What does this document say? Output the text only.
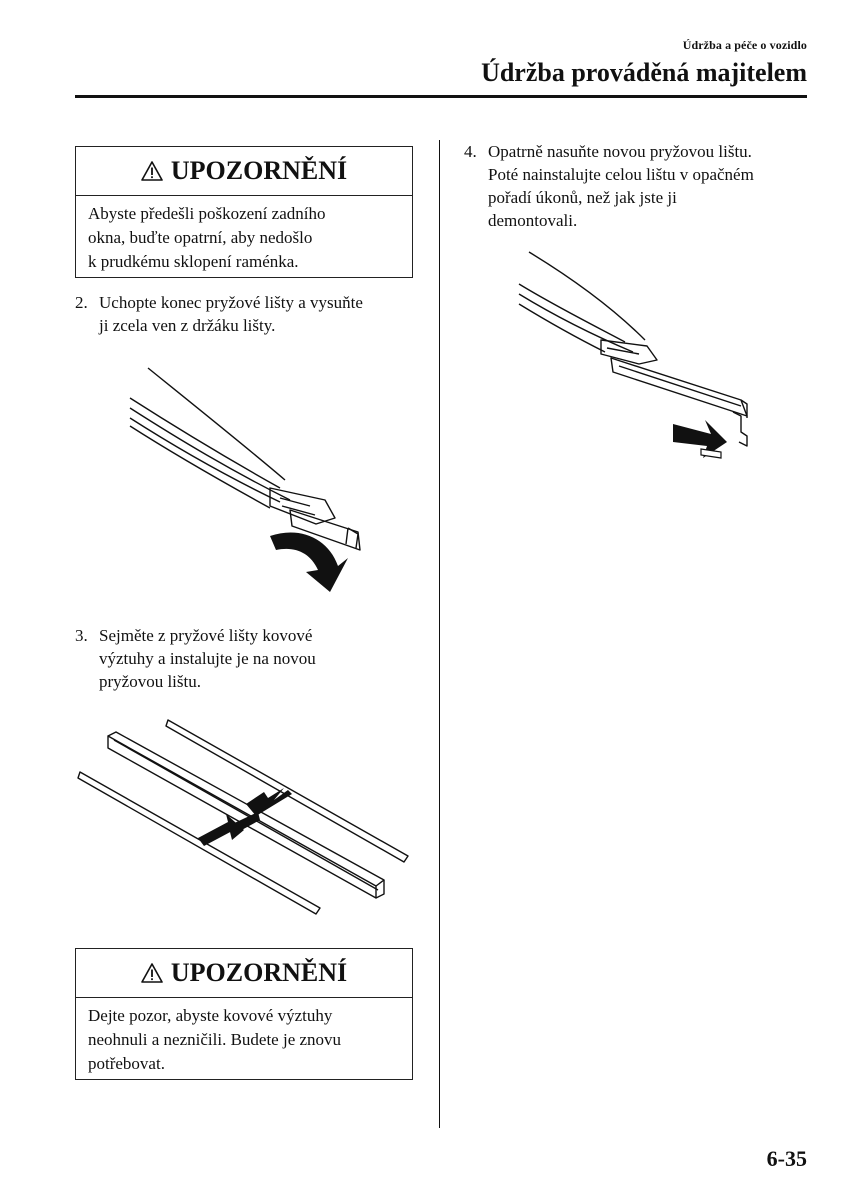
Údržba a péče o vozidlo
Údržba prováděná majitelem
UPOZORNĚNÍ
Abyste předešli poškození zadního
okna, buďte opatrní, aby nedošlo
k prudkému sklopení raménka.
2. Uchopte konec pryžové lišty a vysuňte
ji zcela ven z držáku lišty.
3. Sejměte z pryžové lišty kovové
výztuhy a instalujte je na novou
pryžovou lištu.
UPOZORNĚNÍ
Dejte pozor, abyste kovové výztuhy
neohnuli a nezničili. Budete je znovu
potřebovat.
4. Opatrně nasuňte novou pryžovou lištu.
Poté nainstalujte celou lištu v opačném
pořadí úkonů, než jak jste ji
demontovali.
6-35
